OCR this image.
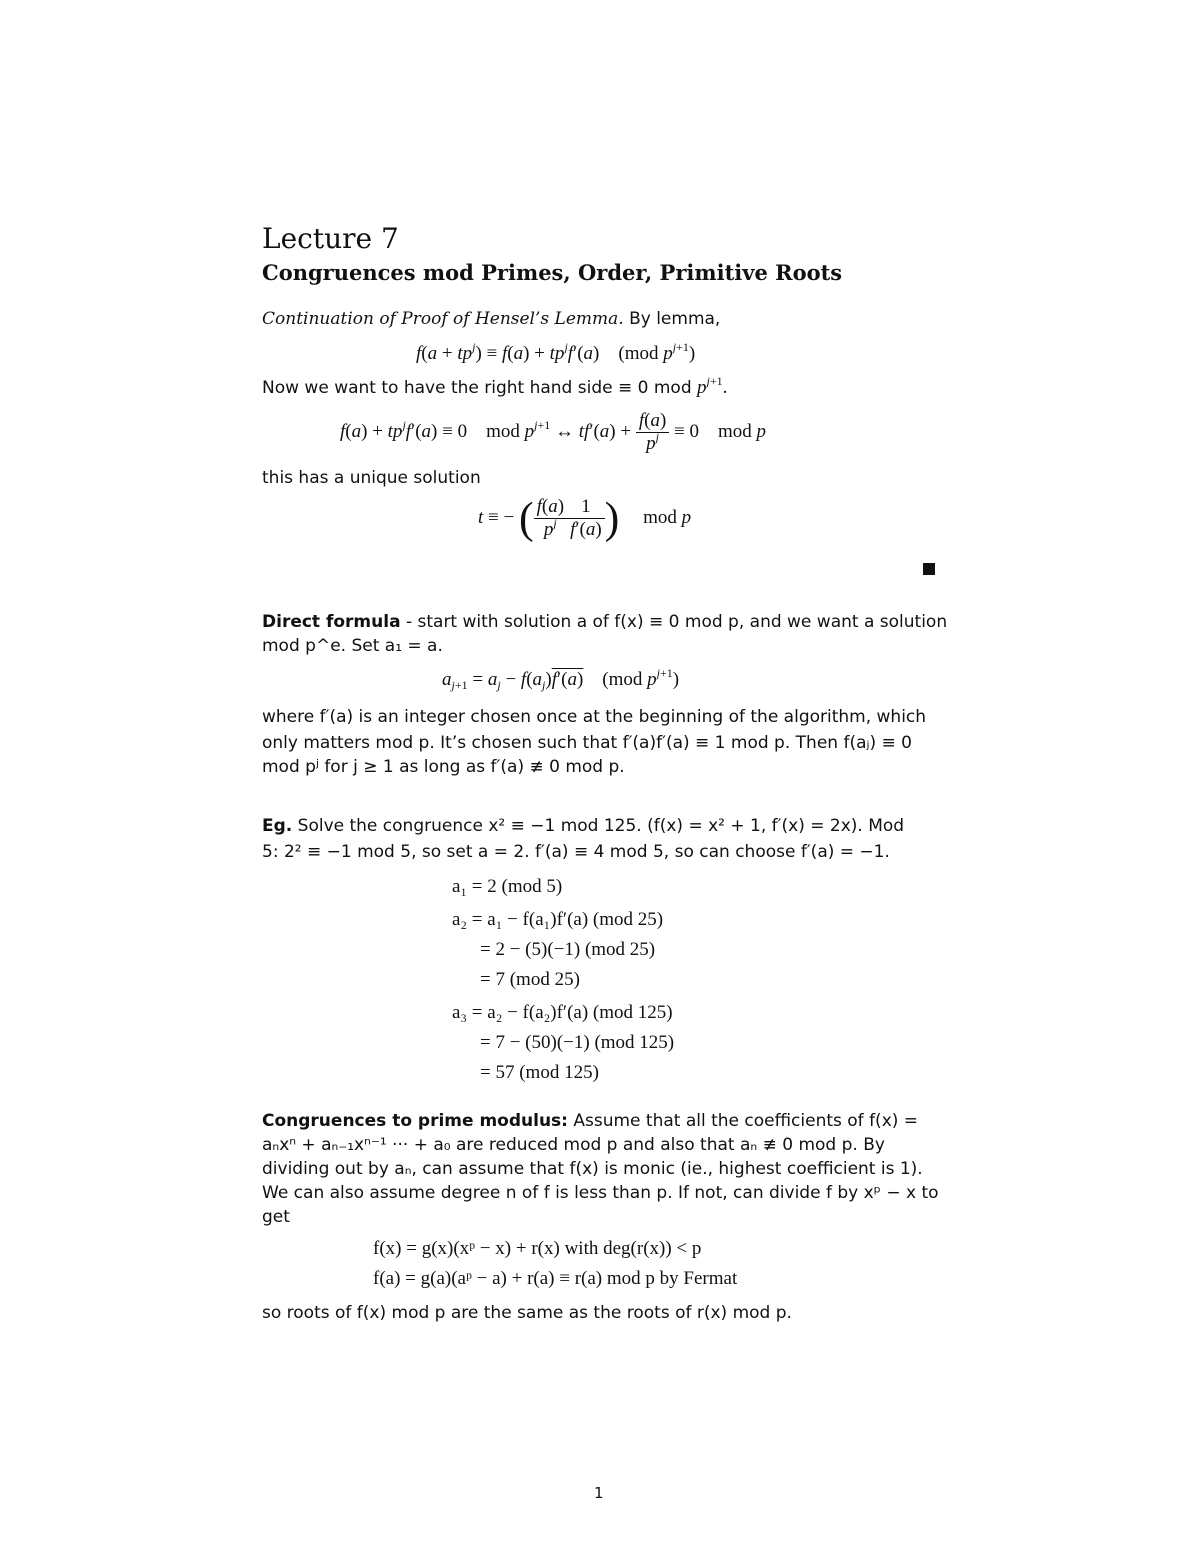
Lecture 7
Congruences mod Primes, Order, Primitive Roots
Continuation of Proof of Hensel’s Lemma. By lemma,
$f(a + tp^j) \equiv f(a) + tp^jf'(a)$    (mod $p^{j+1}$)
Now we want to have the right hand side ≡ 0 mod $p^{j+1}$.
$f(a) + tp^jf'(a) \equiv 0$    mod $p^{j+1}$ ↔ $tf'(a) + \frac{f(a)}{p^j} \equiv 0$    mod p
this has a unique solution
t ≡ − ( $\frac{f(a)}{p^j} \frac{1}{f'(a)}$ )     mod p
Direct formula - start with solution a of f(x) ≡ 0 mod p, and we want a solution
mod p^e. Set a₁ = a.
$a_{j+1} = a_j - f(a_j)f'(a)$    (mod $p^{j+1}$)
where f′(a) is an integer chosen once at the beginning of the algorithm, which
only matters mod p. It’s chosen such that f′(a)f′(a) ≡ 1 mod p. Then f(aⱼ) ≡ 0
mod pʲ for j ≥ 1 as long as f′(a) ≢ 0 mod p.
Eg. Solve the congruence x² ≡ −1 mod 125. (f(x) = x² + 1, f′(x) = 2x). Mod
5: 2² ≡ −1 mod 5, so set a = 2. f′(a) ≡ 4 mod 5, so can choose f′(a) = −1.
a₁ = 2 (mod 5)
a₂ = a₁ − f(a₁)f′(a) (mod 25)
= 2 − (5)(−1) (mod 25)
= 7 (mod 25)
a₃ = a₂ − f(a₂)f′(a) (mod 125)
= 7 − (50)(−1) (mod 125)
= 57 (mod 125)
Congruences to prime modulus: Assume that all the coefficients of f(x) =
aₙxⁿ + aₙ₋₁xⁿ⁻¹ ··· + a₀ are reduced mod p and also that aₙ ≢ 0 mod p. By
dividing out by aₙ, can assume that f(x) is monic (ie., highest coefficient is 1).
We can also assume degree n of f is less than p. If not, can divide f by xᵖ − x to
get
f(x) = g(x)(xᵖ − x) + r(x) with deg(r(x)) < p
f(a) = g(a)(aᵖ − a) + r(a) ≡ r(a) mod p by Fermat
so roots of f(x) mod p are the same as the roots of r(x) mod p.
1
